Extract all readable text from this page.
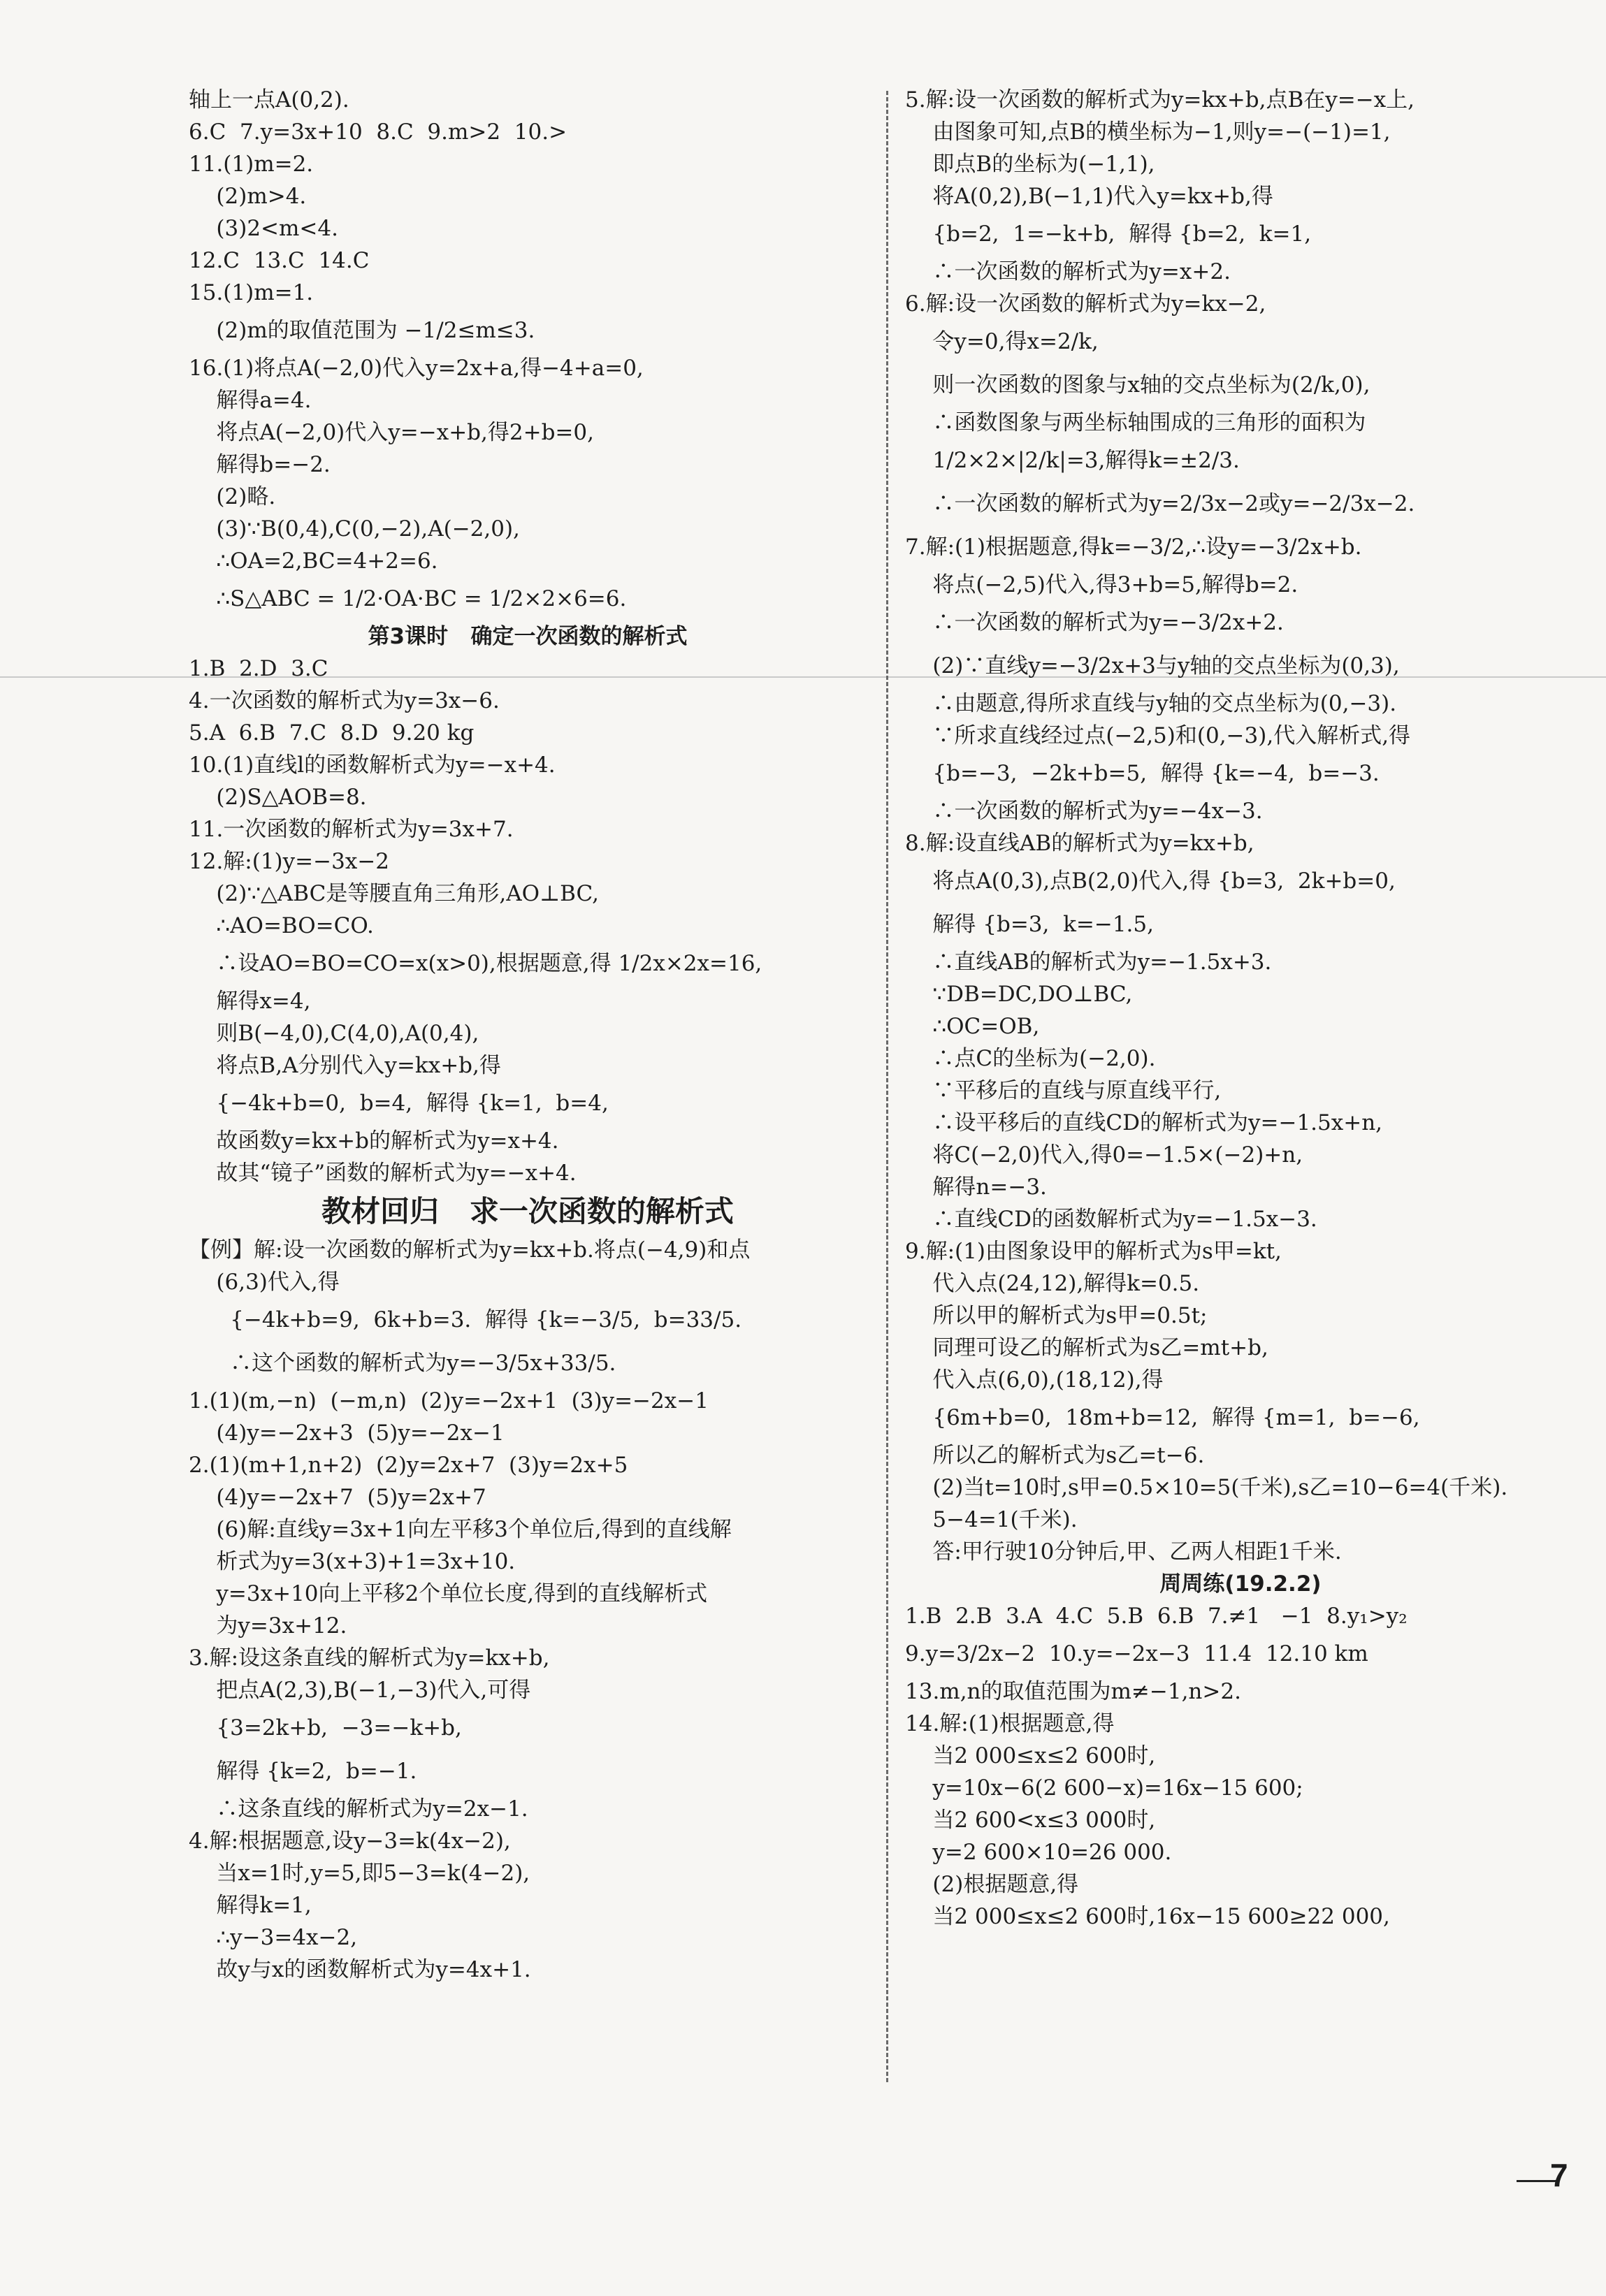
轴上一点A(0,2).
6.C  7.y=3x+10  8.C  9.m>2  10.>
11.(1)m=2.
(2)m>4.
(3)2<m<4.
12.C  13.C  14.C
15.(1)m=1.
(2)m的取值范围为 −1/2≤m≤3.
16.(1)将点A(−2,0)代入y=2x+a,得−4+a=0,
解得a=4.
将点A(−2,0)代入y=−x+b,得2+b=0,
解得b=−2.
(2)略.
(3)∵B(0,4),C(0,−2),A(−2,0),
∴OA=2,BC=4+2=6.
∴S△ABC = 1/2·OA·BC = 1/2×2×6=6.
第3课时   确定一次函数的解析式
1.B  2.D  3.C
4.一次函数的解析式为y=3x−6.
5.A  6.B  7.C  8.D  9.20 kg
10.(1)直线l的函数解析式为y=−x+4.
(2)S△AOB=8.
11.一次函数的解析式为y=3x+7.
12.解:(1)y=−3x−2
(2)∵△ABC是等腰直角三角形,AO⊥BC,
∴AO=BO=CO.
∴设AO=BO=CO=x(x>0),根据题意,得 1/2x×2x=16,
解得x=4,
则B(−4,0),C(4,0),A(0,4),
将点B,A分别代入y=kx+b,得
{−4k+b=0,  b=4,  解得 {k=1,  b=4,
故函数y=kx+b的解析式为y=x+4.
故其“镜子”函数的解析式为y=−x+4.
教材回归   求一次函数的解析式
【例】解:设一次函数的解析式为y=kx+b.将点(−4,9)和点
(6,3)代入,得
{−4k+b=9,  6k+b=3.  解得 {k=−3/5,  b=33/5.
∴这个函数的解析式为y=−3/5x+33/5.
1.(1)(m,−n)  (−m,n)  (2)y=−2x+1  (3)y=−2x−1
(4)y=−2x+3  (5)y=−2x−1
2.(1)(m+1,n+2)  (2)y=2x+7  (3)y=2x+5
(4)y=−2x+7  (5)y=2x+7
(6)解:直线y=3x+1向左平移3个单位后,得到的直线解
析式为y=3(x+3)+1=3x+10.
y=3x+10向上平移2个单位长度,得到的直线解析式
为y=3x+12.
3.解:设这条直线的解析式为y=kx+b,
把点A(2,3),B(−1,−3)代入,可得
{3=2k+b,  −3=−k+b,
解得 {k=2,  b=−1.
∴这条直线的解析式为y=2x−1.
4.解:根据题意,设y−3=k(4x−2),
当x=1时,y=5,即5−3=k(4−2),
解得k=1,
∴y−3=4x−2,
故y与x的函数解析式为y=4x+1.
5.解:设一次函数的解析式为y=kx+b,点B在y=−x上,
由图象可知,点B的横坐标为−1,则y=−(−1)=1,
即点B的坐标为(−1,1),
将A(0,2),B(−1,1)代入y=kx+b,得
{b=2,  1=−k+b,  解得 {b=2,  k=1,
∴一次函数的解析式为y=x+2.
6.解:设一次函数的解析式为y=kx−2,
令y=0,得x=2/k,
则一次函数的图象与x轴的交点坐标为(2/k,0),
∴函数图象与两坐标轴围成的三角形的面积为
1/2×2×|2/k|=3,解得k=±2/3.
∴一次函数的解析式为y=2/3x−2或y=−2/3x−2.
7.解:(1)根据题意,得k=−3/2,∴设y=−3/2x+b.
将点(−2,5)代入,得3+b=5,解得b=2.
∴一次函数的解析式为y=−3/2x+2.
(2)∵直线y=−3/2x+3与y轴的交点坐标为(0,3),
∴由题意,得所求直线与y轴的交点坐标为(0,−3).
∵所求直线经过点(−2,5)和(0,−3),代入解析式,得
{b=−3,  −2k+b=5,  解得 {k=−4,  b=−3.
∴一次函数的解析式为y=−4x−3.
8.解:设直线AB的解析式为y=kx+b,
将点A(0,3),点B(2,0)代入,得 {b=3,  2k+b=0,
解得 {b=3,  k=−1.5,
∴直线AB的解析式为y=−1.5x+3.
∵DB=DC,DO⊥BC,
∴OC=OB,
∴点C的坐标为(−2,0).
∵平移后的直线与原直线平行,
∴设平移后的直线CD的解析式为y=−1.5x+n,
将C(−2,0)代入,得0=−1.5×(−2)+n,
解得n=−3.
∴直线CD的函数解析式为y=−1.5x−3.
9.解:(1)由图象设甲的解析式为s甲=kt,
代入点(24,12),解得k=0.5.
所以甲的解析式为s甲=0.5t;
同理可设乙的解析式为s乙=mt+b,
代入点(6,0),(18,12),得
{6m+b=0,  18m+b=12,  解得 {m=1,  b=−6,
所以乙的解析式为s乙=t−6.
(2)当t=10时,s甲=0.5×10=5(千米),s乙=10−6=4(千米).
5−4=1(千米).
答:甲行驶10分钟后,甲、乙两人相距1千米.
周周练(19.2.2)
1.B  2.B  3.A  4.C  5.B  6.B  7.≠1   −1  8.y₁>y₂
9.y=3/2x−2  10.y=−2x−3  11.4  12.10 km
13.m,n的取值范围为m≠−1,n>2.
14.解:(1)根据题意,得
当2 000≤x≤2 600时,
y=10x−6(2 600−x)=16x−15 600;
当2 600<x≤3 000时,
y=2 600×10=26 000.
(2)根据题意,得
当2 000≤x≤2 600时,16x−15 600≥22 000,
7
